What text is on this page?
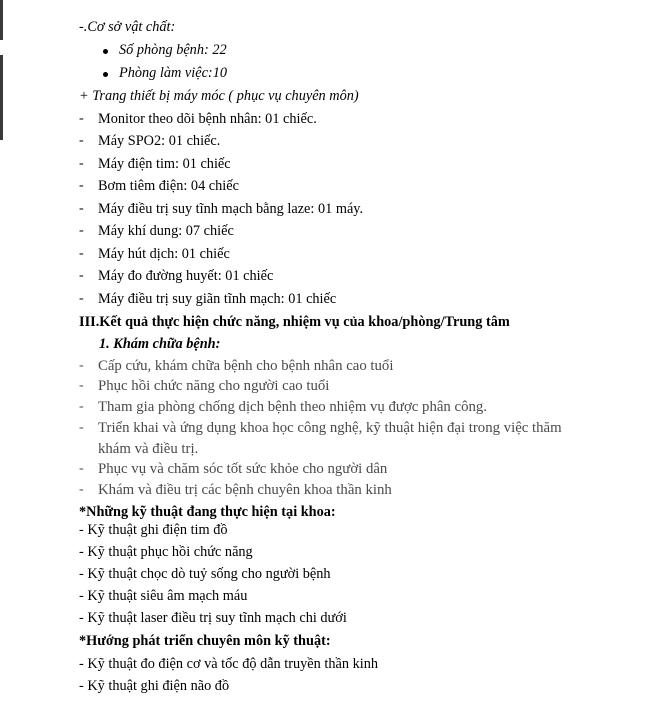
-.Cơ sở vật chất:
Số phòng bệnh: 22
Phòng làm việc:10
+ Trang thiết bị máy móc ( phục vụ chuyên môn)
- Monitor theo dõi bệnh nhân: 01 chiếc.
- Máy SPO2: 01 chiếc.
- Máy điện tim: 01 chiếc
- Bơm tiêm điện: 04 chiếc
- Máy điều trị suy tĩnh mạch bằng laze: 01 máy.
- Máy khí dung: 07 chiếc
- Máy hút dịch: 01 chiếc
- Máy đo đường huyết: 01 chiếc
- Máy điều trị suy giãn tĩnh mạch: 01 chiếc
III.Kết quả thực hiện chức năng, nhiệm vụ của khoa/phòng/Trung tâm
1. Khám chữa bệnh:
- Cấp cứu, khám chữa bệnh cho bệnh nhân cao tuổi
- Phục hồi chức năng cho người cao tuổi
- Tham gia phòng chống dịch bệnh theo nhiệm vụ được phân công.
- Triển khai và ứng dụng khoa học công nghệ, kỹ thuật hiện đại trong việc thăm
khám và điều trị.
- Phục vụ và chăm sóc tốt sức khỏe cho người dân
- Khám và điều trị các bệnh chuyên khoa thần kinh
*Những kỹ thuật đang thực hiện tại khoa:
- Kỹ thuật ghi điện tim đồ
- Kỹ thuật phục hồi chức năng
- Kỹ thuật chọc dò tuỷ sống cho người bệnh
- Kỹ thuật siêu âm mạch máu
- Kỹ thuật laser điều trị suy tĩnh mạch chi dưới
*Hướng phát triển chuyên môn kỹ thuật:
- Kỹ thuật đo điện cơ và tốc độ dẫn truyền thần kinh
- Kỹ thuật ghi điện não đồ
